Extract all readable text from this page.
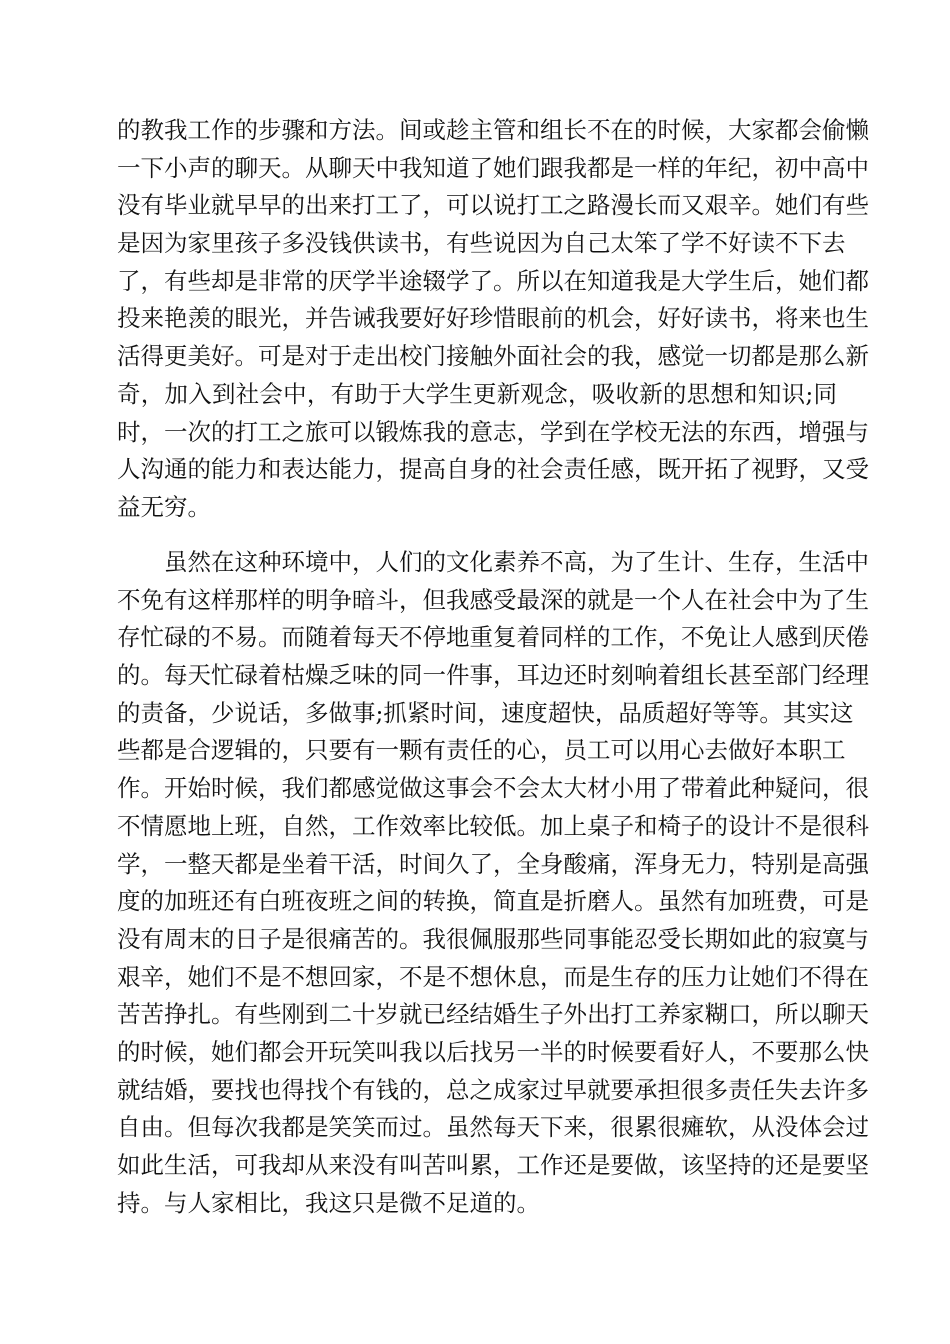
的教我工作的步骤和方法。间或趁主管和组长不在的时候，大家都会偷懒
一下小声的聊天。从聊天中我知道了她们跟我都是一样的年纪，初中高中
没有毕业就早早的出来打工了，可以说打工之路漫长而又艰辛。她们有些
是因为家里孩子多没钱供读书，有些说因为自己太笨了学不好读不下去
了，有些却是非常的厌学半途辍学了。所以在知道我是大学生后，她们都
投来艳羡的眼光，并告诫我要好好珍惜眼前的机会，好好读书，将来也生
活得更美好。可是对于走出校门接触外面社会的我，感觉一切都是那么新
奇，加入到社会中，有助于大学生更新观念，吸收新的思想和知识;同
时，一次的打工之旅可以锻炼我的意志，学到在学校无法的东西，增强与
人沟通的能力和表达能力，提高自身的社会责任感，既开拓了视野，又受
益无穷。
虽然在这种环境中，人们的文化素养不高，为了生计、生存，生活中
不免有这样那样的明争暗斗，但我感受最深的就是一个人在社会中为了生
存忙碌的不易。而随着每天不停地重复着同样的工作，不免让人感到厌倦
的。每天忙碌着枯燥乏味的同一件事，耳边还时刻响着组长甚至部门经理
的责备，少说话，多做事;抓紧时间，速度超快，品质超好等等。其实这
些都是合逻辑的，只要有一颗有责任的心，员工可以用心去做好本职工
作。开始时候，我们都感觉做这事会不会太大材小用了带着此种疑问，很
不情愿地上班，自然，工作效率比较低。加上桌子和椅子的设计不是很科
学，一整天都是坐着干活，时间久了，全身酸痛，浑身无力，特别是高强
度的加班还有白班夜班之间的转换，简直是折磨人。虽然有加班费，可是
没有周末的日子是很痛苦的。我很佩服那些同事能忍受长期如此的寂寞与
艰辛，她们不是不想回家，不是不想休息，而是生存的压力让她们不得在
苦苦挣扎。有些刚到二十岁就已经结婚生子外出打工养家糊口，所以聊天
的时候，她们都会开玩笑叫我以后找另一半的时候要看好人，不要那么快
就结婚，要找也得找个有钱的，总之成家过早就要承担很多责任失去许多
自由。但每次我都是笑笑而过。虽然每天下来，很累很瘫软，从没体会过
如此生活，可我却从来没有叫苦叫累，工作还是要做，该坚持的还是要坚
持。与人家相比，我这只是微不足道的。
